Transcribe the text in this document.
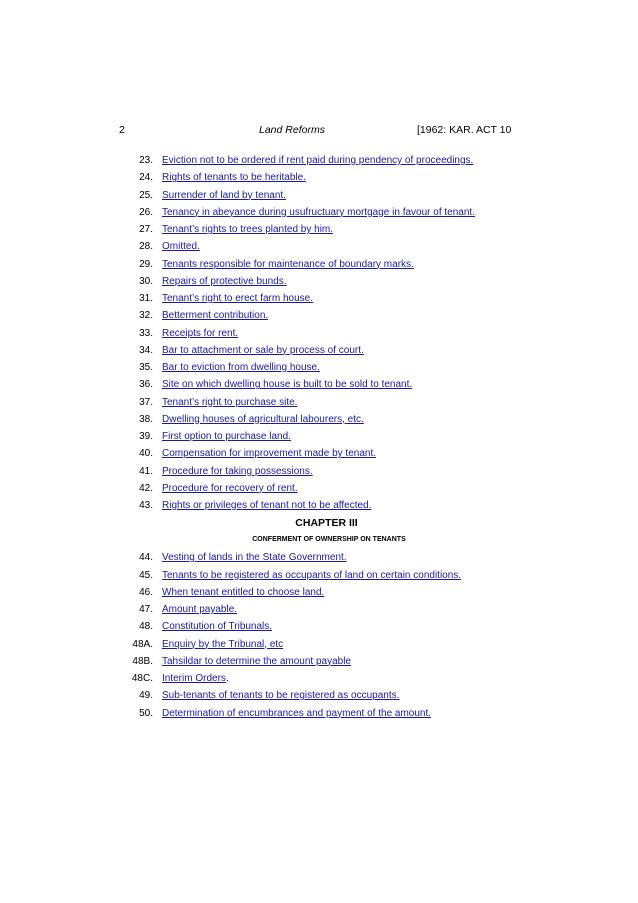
2	Land Reforms	[1962: KAR. ACT 10
23. Eviction not to be ordered if rent paid during pendency of proceedings.
24. Rights of tenants to be heritable.
25. Surrender of land by tenant.
26. Tenancy in abeyance during usufructuary mortgage in favour of tenant.
27. Tenant’s rights to trees planted by him.
28. Omitted.
29. Tenants responsible for maintenance of boundary marks.
30. Repairs of protective bunds.
31. Tenant’s right to erect farm house.
32. Betterment contribution.
33. Receipts for rent.
34. Bar to attachment or sale by process of court.
35. Bar to eviction from dwelling house.
36. Site on which dwelling house is built to be sold to tenant.
37. Tenant’s right to purchase site.
38. Dwelling houses of agricultural labourers, etc.
39. First option to purchase land.
40. Compensation for improvement made by tenant.
41. Procedure for taking possessions.
42. Procedure for recovery of rent.
43. Rights or privileges of tenant not to be affected.
CHAPTER III
CONFERMENT OF OWNERSHIP ON TENANTS
44. Vesting of lands in the State Government.
45. Tenants to be registered as occupants of land on certain conditions.
46. When tenant entitled to choose land.
47. Amount payable.
48. Constitution of Tribunals.
48A. Enquiry by the Tribunal, etc
48B. Tahsildar to determine the amount payable
48C. Interim Orders .
49. Sub-tenants of tenants to be registered as occupants.
50. Determination of encumbrances and payment of the amount.
